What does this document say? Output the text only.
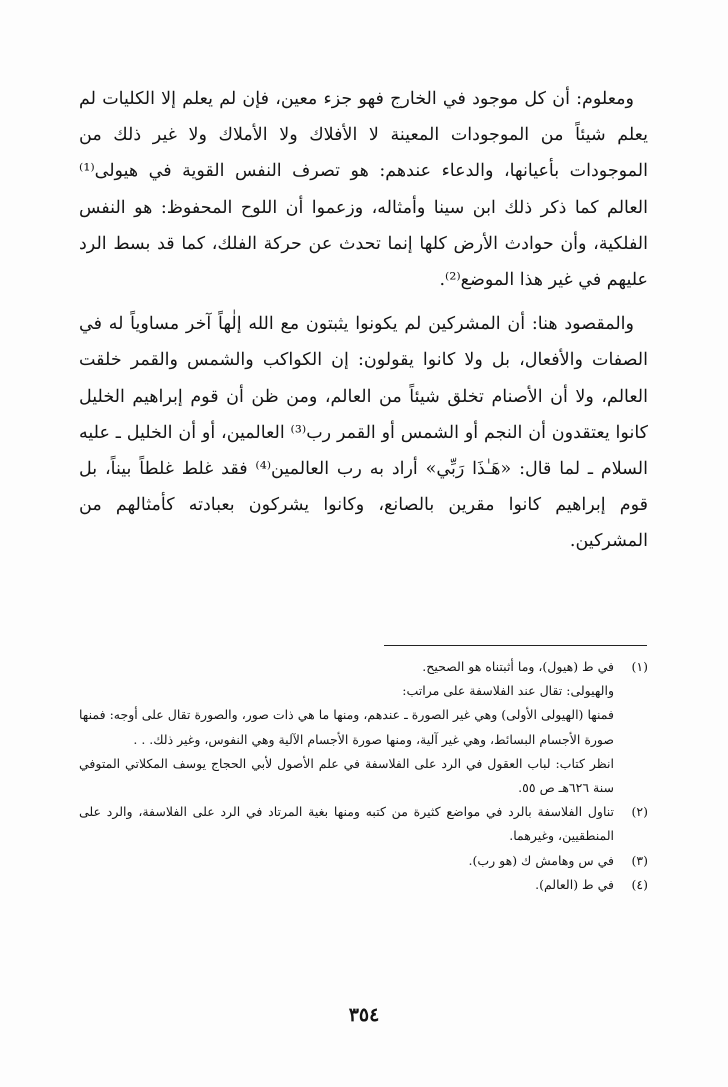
ومعلوم: أن كل موجود في الخارج فهو جزء معين، فإن لم يعلم إلا الكليات لم يعلم شيئاً من الموجودات المعينة لا الأفلاك ولا الأملاك ولا غير ذلك من الموجودات بأعيانها، والدعاء عندهم: هو تصرف النفس القوية في هيولى⁽¹⁾ العالم كما ذكر ذلك ابن سينا وأمثاله، وزعموا أن اللوح المحفوظ: هو النفس الفلكية، وأن حوادث الأرض كلها إنما تحدث عن حركة الفلك، كما قد بسط الرد عليهم في غير هذا الموضع⁽²⁾.

والمقصود هنا: أن المشركين لم يكونوا يثبتون مع الله إلٰهاً آخر مساوياً له في الصفات والأفعال، بل ولا كانوا يقولون: إن الكواكب والشمس والقمر خلقت العالم، ولا أن الأصنام تخلق شيئاً من العالم، ومن ظن أن قوم إبراهيم الخليل كانوا يعتقدون أن النجم أو الشمس أو القمر رب⁽³⁾ العالمين، أو أن الخليل ـ عليه السلام ـ لما قال: «هَـٰذَا رَبِّي» أراد به رب العالمين⁽⁴⁾ فقد غلط غلطاً بيناً، بل قوم إبراهيم كانوا مقرين بالصانع، وكانوا يشركون بعبادته كأمثالهم من المشركين.

(١)
في ط (هيول)، وما أثبتناه هو الصحيح.
والهيولى: تقال عند الفلاسفة على مراتب:
فمنها (الهيولى الأولى) وهي غير الصورة ـ عندهم، ومنها ما هي ذات صور، والصورة تقال على أوجه: فمنها صورة الأجسام البسائط، وهي غير آلية، ومنها صورة الأجسام الآلية وهي النفوس، وغير ذلك. . .
انظر كتاب: لباب العقول في الرد على الفلاسفة في علم الأصول لأبي الحجاج يوسف المكلاتي المتوفي سنة ٦٢٦هـ ص ٥٥.
(٢)
تناول الفلاسفة بالرد في مواضع كثيرة من كتبه ومنها بغية المرتاد في الرد على الفلاسفة، والرد على المنطقيين، وغيرهما.
(٣)
في س وهامش ك (هو رب).
(٤)
في ط (العالم).
٣٥٤
